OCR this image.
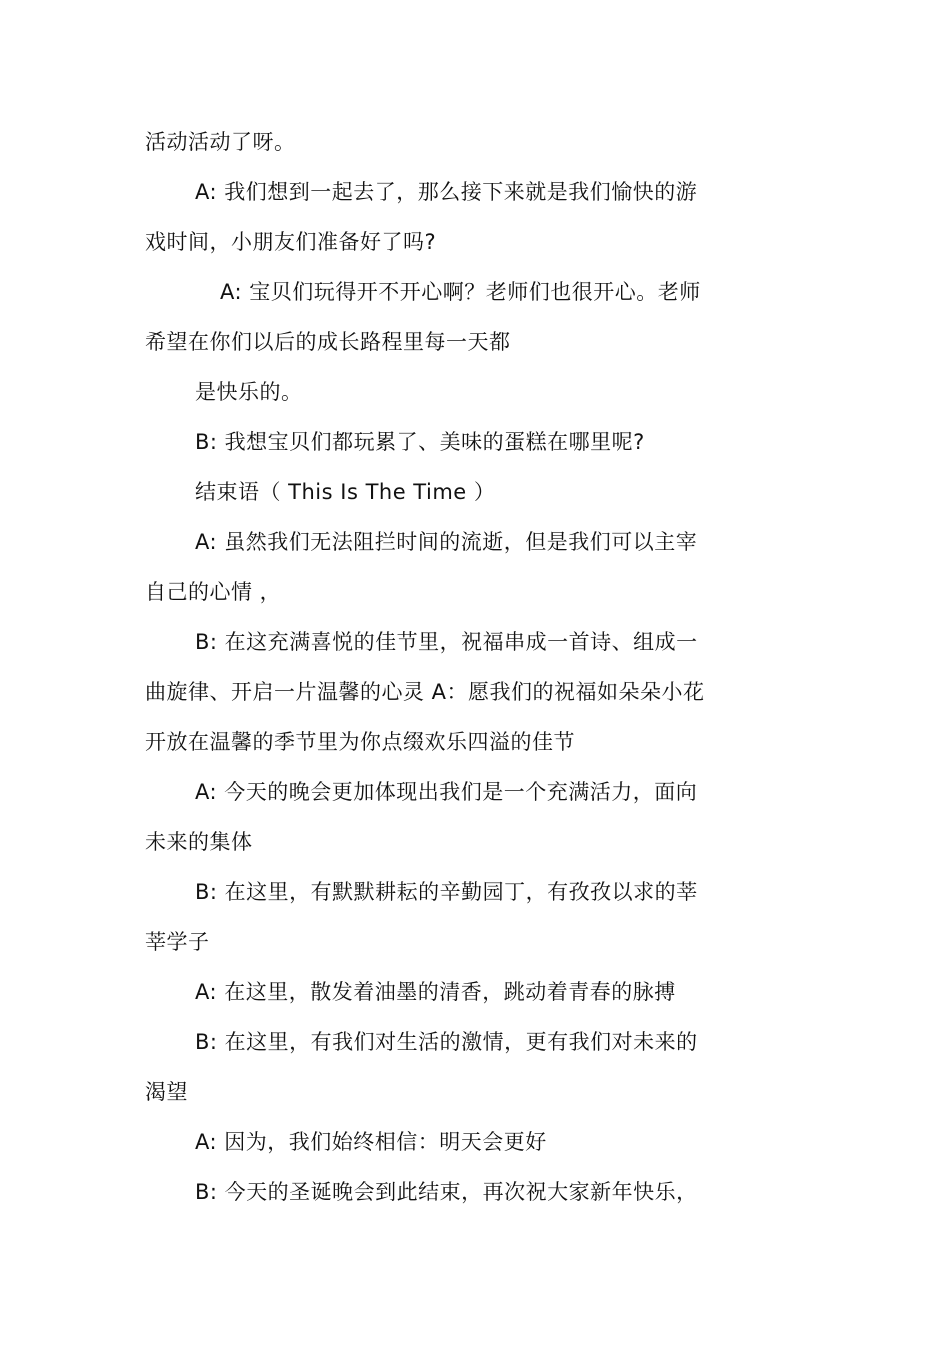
活动活动了呀。
A: 我们想到一起去了，那么接下来就是我们愉快的游
戏时间，小朋友们准备好了吗?
A: 宝贝们玩得开不开心啊？老师们也很开心。老师
希望在你们以后的成长路程里每一天都
是快乐的。
B: 我想宝贝们都玩累了、美味的蛋糕在哪里呢?
结束语（ This Is The Time ）
A: 虽然我们无法阻拦时间的流逝，但是我们可以主宰
自己的心情 ，
B: 在这充满喜悦的佳节里，祝福串成一首诗、组成一
曲旋律、开启一片温馨的心灵 A：愿我们的祝福如朵朵小花
开放在温馨的季节里为你点缀欢乐四溢的佳节
A: 今天的晚会更加体现出我们是一个充满活力，面向
未来的集体
B: 在这里，有默默耕耘的辛勤园丁，有孜孜以求的莘
莘学子
A: 在这里，散发着油墨的清香，跳动着青春的脉搏
B: 在这里，有我们对生活的激情，更有我们对未来的
渴望
A: 因为，我们始终相信：明天会更好
B: 今天的圣诞晚会到此结束，再次祝大家新年快乐，
